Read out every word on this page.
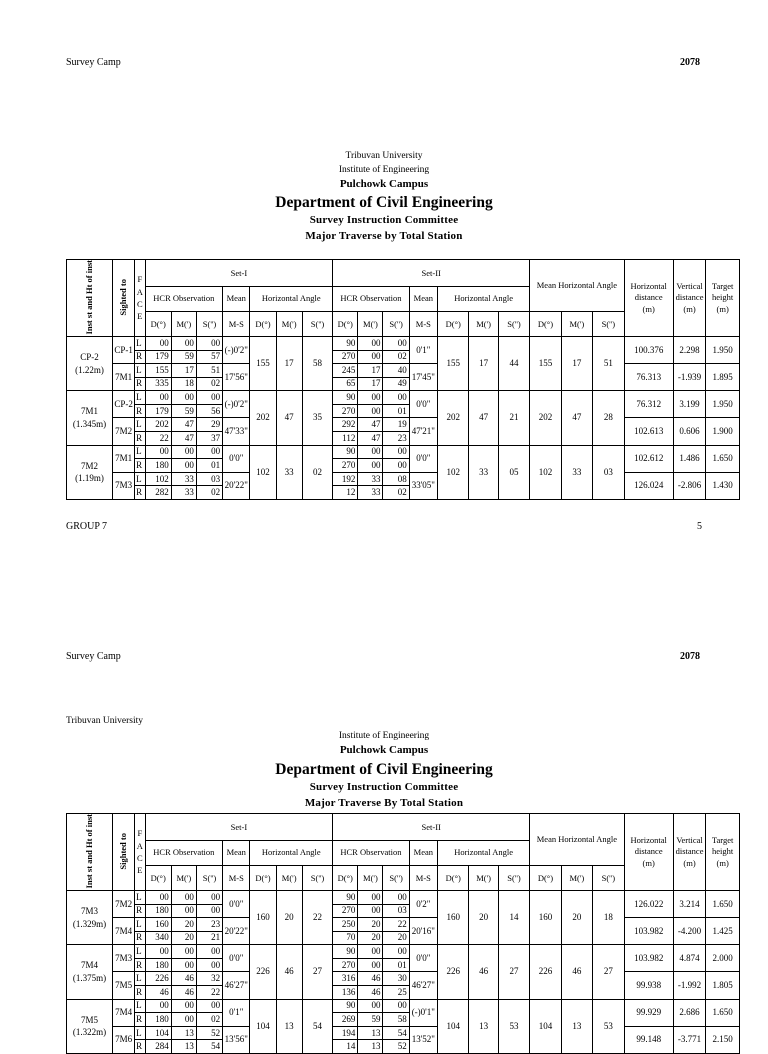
Survey Camp	2078
Tribuvan University
Institute of Engineering
Pulchowk Campus
Department of Civil Engineering
Survey Instruction Committee
Major Traverse by Total Station
Inst st and Ht of inst	Sighted to	F
A
C
E	Set-I							Set-II							Mean Horizontal Angle			Horizontal
distance
(m)	Vertical
distance
(m)	Target
height
(m)
			HCR Observation			Mean	Horizontal Angle			HCR Observation			Mean	Horizontal Angle								
			D(°)	M(')	S('')	M-S	D(°)	M(')	S('')	D(°)	M(')	S('')	M-S	D(°)	M(')	S('')	D(°)	M(')	S('')			

CP-2
(1.22m)	CP-1	L	00	00	00	(-)0'2"	155	17	58	90	00	00	0'1"	155	17	44	155	17	51	100.376	2.298	1.950
		R	179	59	57					270	00	02										
	7M1	L	155	17	51	17'56"				245	17	40	17'45"							76.313	-1.939	1.895
		R	335	18	02					65	17	49										

7M1
(1.345m)	CP-2	L	00	00	00	(-)0'2"	202	47	35	90	00	00	0'0"	202	47	21	202	47	28	76.312	3.199	1.950
		R	179	59	56					270	00	01										
	7M2	L	202	47	29	47'33"				292	47	19	47'21"							102.613	0.606	1.900
		R	22	47	37					112	47	23										

7M2
(1.19m)	7M1	L	00	00	00	0'0"	102	33	02	90	00	00	0'0"	102	33	05	102	33	03	102.612	1.486	1.650
		R	180	00	01					270	00	00										
	7M3	L	102	33	03	20'22"				192	33	08	33'05"							126.024	-2.806	1.430
		R	282	33	02					12	33	02										
GROUP 7	5
Survey Camp	2078
Tribuvan University
Institute of Engineering
Pulchowk Campus
Department of Civil Engineering
Survey Instruction Committee
Major Traverse By Total Station
Inst st and Ht of inst	Sighted to	F
A
C
E	Set-I							Set-II							Mean Horizontal Angle			Horizontal
distance
(m)	Vertical
distance
(m)	Target
height
(m)
			HCR Observation			Mean	Horizontal Angle			HCR Observation			Mean	Horizontal Angle								
			D(°)	M(')	S('')	M-S	D(°)	M(')	S('')	D(°)	M(')	S('')	M-S	D(°)	M(')	S('')	D(°)	M(')	S('')			

7M3
(1.329m)	7M2	L	00	00	00	0'0"	160	20	22	90	00	00	0'2"	160	20	14	160	20	18	126.022	3.214	1.650
		R	180	00	00					270	00	03										
	7M4	L	160	20	23	20'22"				250	20	22	20'16"							103.982	-4.200	1.425
		R	340	20	21					70	20	20										

7M4
(1.375m)	7M3	L	00	00	00	0'0"	226	46	27	90	00	00	0'0"	226	46	27	226	46	27	103.982	4.874	2.000
		R	180	00	00					270	00	01										
	7M5	L	226	46	32	46'27"				316	46	30	46'27"							99.938	-1.992	1.805
		R	46	46	22					136	46	25										

7M5
(1.322m)	7M4	L	00	00	00	0'1"	104	13	54	90	00	00	(-)0'1"	104	13	53	104	13	53	99.929	2.686	1.650
		R	180	00	02					269	59	58										
	7M6	L	104	13	52	13'56"				194	13	54	13'52"							99.148	-3.771	2.150
		R	284	13	54					14	13	52										
